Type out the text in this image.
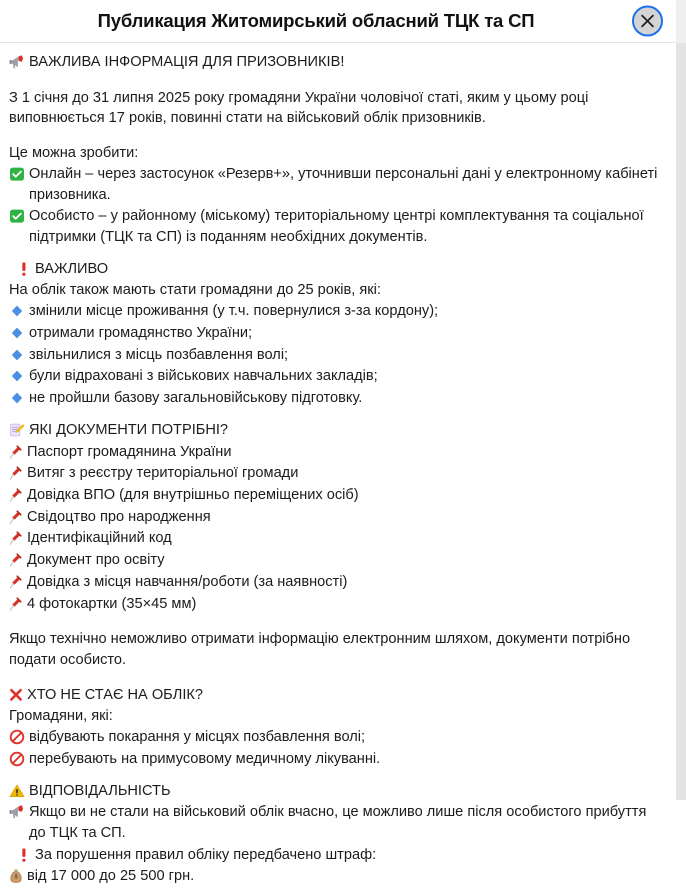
Публикация Житомирський обласний ТЦК та СП
ВАЖЛИВА ІНФОРМАЦІЯ ДЛЯ ПРИЗОВНИКІВ!
З 1 січня до 31 липня 2025 року громадяни України чоловічої статі, яким у цьому році виповнюється 17 років, повинні стати на військовий облік призовників.
Це можна зробити:
Онлайн – через застосунок «Резерв+», уточнивши персональні дані у електронному кабінеті призовника.
Особисто – у районному (міському) територіальному центрі комплектування та соціальної підтримки (ТЦК та СП) із поданням необхідних документів.
ВАЖЛИВО
На облік також мають стати громадяни до 25 років, які:
змінили місце проживання (у т.ч. повернулися з-за кордону);
отримали громадянство України;
звільнилися з місць позбавлення волі;
були відраховані з військових навчальних закладів;
не пройшли базову загальновійськову підготовку.
ЯКІ ДОКУМЕНТИ ПОТРІБНІ?
Паспорт громадянина України
Витяг з реєстру територіальної громади
Довідка ВПО (для внутрішньо переміщених осіб)
Свідоцтво про народження
Ідентифікаційний код
Документ про освіту
Довідка з місця навчання/роботи (за наявності)
4 фотокартки (35×45 мм)
Якщо технічно неможливо отримати інформацію електронним шляхом, документи потрібно подати особисто.
ХТО НЕ СТАЄ НА ОБЛІК?
Громадяни, які:
відбувають покарання у місцях позбавлення волі;
перебувають на примусовому медичному лікуванні.
ВІДПОВІДАЛЬНІСТЬ
Якщо ви не стали на військовий облік вчасно, це можливо лише після особистого прибуття до ТЦК та СП.
За порушення правил обліку передбачено штраф:
від 17 000 до 25 500 грн.
